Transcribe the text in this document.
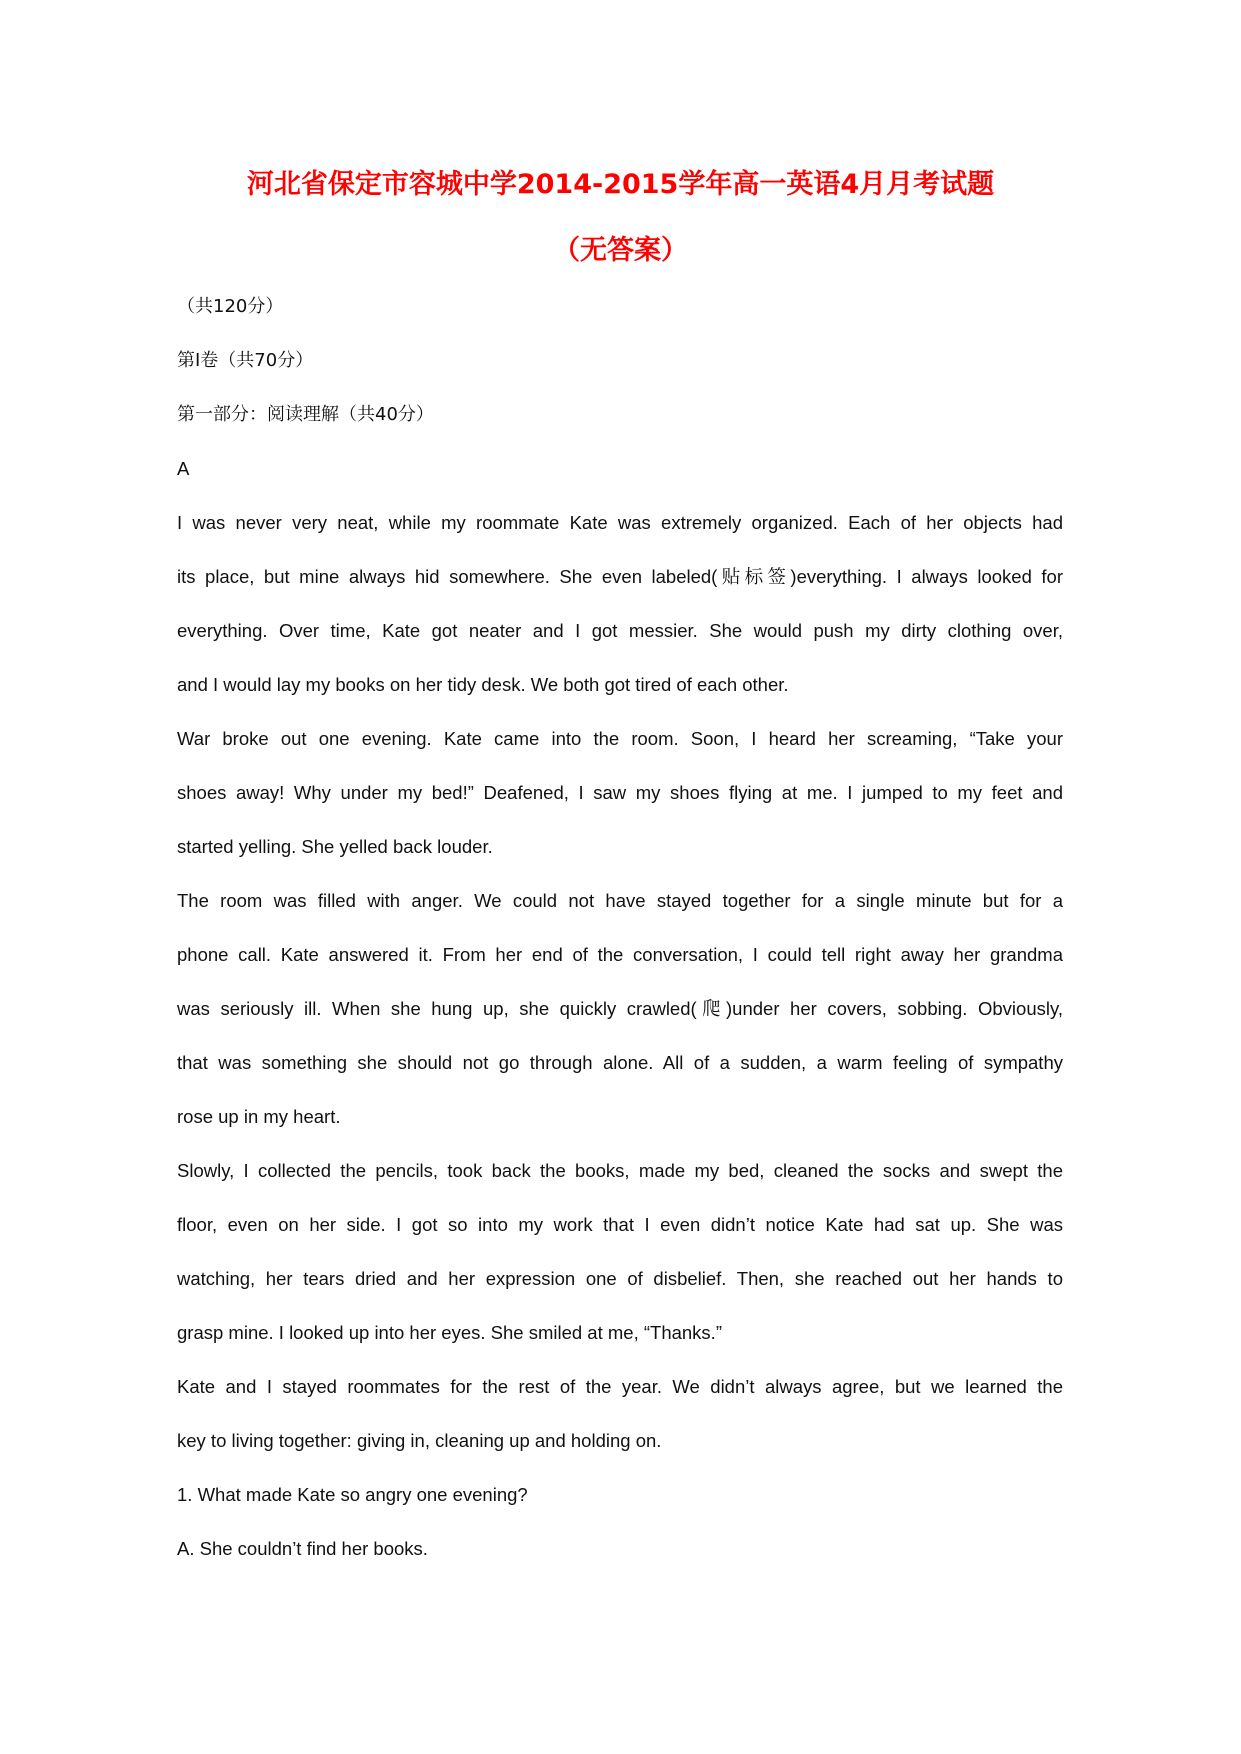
河北省保定市容城中学2014-2015学年高一英语4月月考试题
（无答案）
（共120分）
第I卷（共70分）
第一部分：阅读理解（共40分）
A
I was never very neat, while my roommate Kate was extremely organized. Each of her objects had
its place, but mine always hid somewhere. She even labeled(贴标签)everything. I always looked for
everything. Over time, Kate got neater and I got messier. She would push my dirty clothing over,
and I would lay my books on her tidy desk. We both got tired of each other.
War broke out one evening. Kate came into the room. Soon, I heard her screaming, “Take your
shoes away! Why under my bed!” Deafened, I saw my shoes flying at me. I jumped to my feet and
started yelling. She yelled back louder.
The room was filled with anger. We could not have stayed together for a single minute but for a
phone call. Kate answered it. From her end of the conversation, I could tell right away her grandma
was seriously ill. When she hung up, she quickly crawled(爬)under her covers, sobbing. Obviously,
that was something she should not go through alone. All of a sudden, a warm feeling of sympathy
rose up in my heart.
Slowly, I collected the pencils, took back the books, made my bed, cleaned the socks and swept the
floor, even on her side. I got so into my work that I even didn’t notice Kate had sat up. She was
watching, her tears dried and her expression one of disbelief. Then, she reached out her hands to
grasp mine. I looked up into her eyes. She smiled at me, “Thanks.”
Kate and I stayed roommates for the rest of the year. We didn’t always agree, but we learned the
key to living together: giving in, cleaning up and holding on.
1. What made Kate so angry one evening?
A. She couldn’t find her books.
